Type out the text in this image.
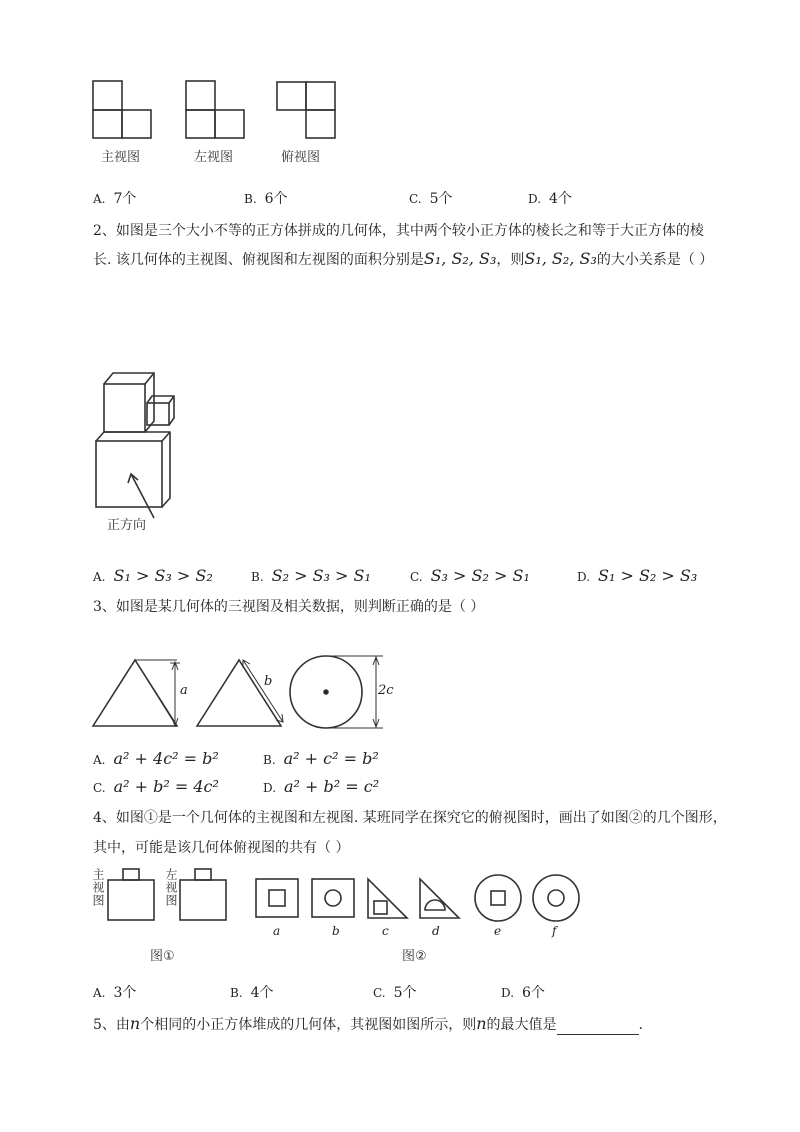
主视图	左视图	俯视图
A. 7个	B. 6个	C. 5个	D. 4个
2、如图是三个大小不等的正方体拼成的几何体，其中两个较小正方体的棱长之和等于大正方体的棱
长. 该几何体的主视图、俯视图和左视图的面积分别是S₁, S₂, S₃，则S₁, S₂, S₃的大小关系是（ ）
正方向
A. S₁ > S₃ > S₂	B. S₂ > S₃ > S₁	C. S₃ > S₂ > S₁	D. S₁ > S₂ > S₃
3、如图是某几何体的三视图及相关数据，则判断正确的是（ ）
a
b
2c
A. a² + 4c² = b²	B. a² + c² = b²
C. a² + b² = 4c²	D. a² + b² = c²
4、如图①是一个几何体的主视图和左视图. 某班同学在探究它的俯视图时，画出了如图②的几个图形，
其中，可能是该几何体俯视图的共有（ ）
主视图	左视图
a	b	c	d	e	f
图①	图②
A. 3个	B. 4个	C. 5个	D. 6个
5、由n个相同的小正方体堆成的几何体，其视图如图所示，则n的最大值是	.
